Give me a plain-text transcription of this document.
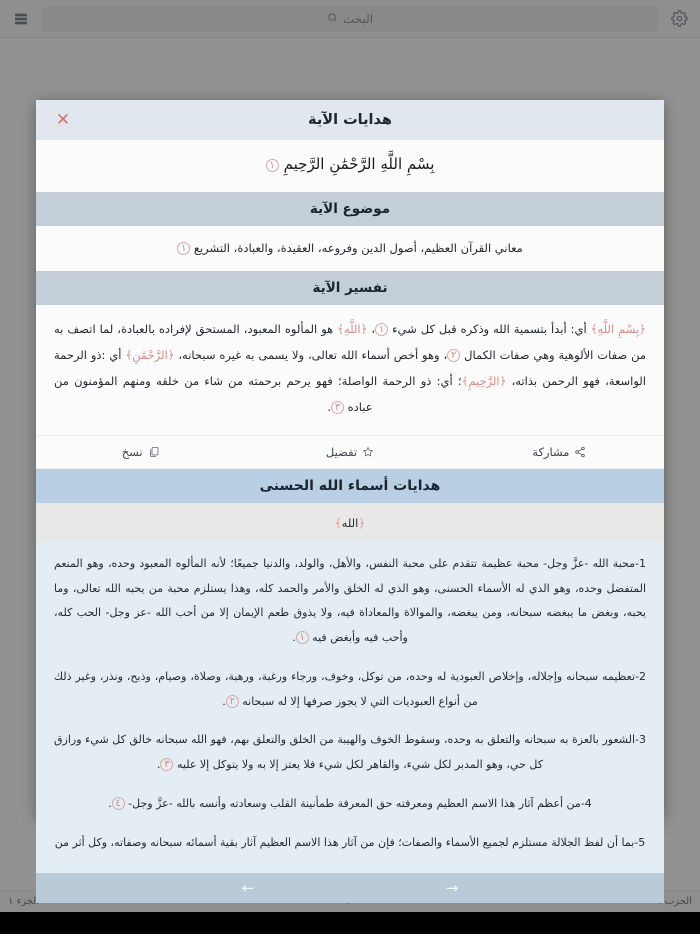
هدايات الآية
✕
بِسْمِ اللَّهِ الرَّحْمَٰنِ الرَّحِيمِ ١
موضوع الآية
معاني القرآن العظيم، أصول الدين وفروعه، العقيدة، والعبادة، التشريع ١
تفسير الآية
﴿بِسْمِ اللَّهِ﴾ أي: أبدأ بتسمية الله وذكره قبل كل شيء ١، ﴿اللَّهِ﴾ هو المألوه المعبود، المستحق لإفراده بالعبادة، لما اتصف به من صفات الألوهية وهي صفات الكمال ٢، وهو أخص أسماء الله تعالى، ولا يسمى به غيره سبحانه، ﴿الرَّحْمَٰنِ﴾ أي :ذو الرحمة الواسعة، فهو الرحمن بذاته، ﴿الرَّحِيمِ﴾؛ أي: ذو الرحمة الواصلة؛ فهو يرحم برحمته من شاء من خلقه ومنهم المؤمنون من عباده ٣.
مشاركة
تفضيل
نسخ
هدايات أسماء الله الحسنى
﴿الله﴾

1-محبة الله -عزَّ وجل- محبة عظيمة تتقدم على محبة النفس، والأهل، والولد، والدنيا جميعًا؛ لأنه المألوه المعبود وحده، وهو المنعم المتفضل وحده، وهو الذي له الأسماء الحسنى، وهو الذي له الخلق والأمر والحمد كله، وهذا يستلزم محبة من يحبه الله تعالى، وما يحبه، وبغض ما يبغضه سبحانه، ومن يبغضه، والموالاة والمعاداة فيه، ولا يذوق طعم الإيمان إلا من أحب الله -عز وجل- الحب كله، وأحب فيه وأبغض فيه ١.

2-تعظيمه سبحانه وإجلاله، وإخلاص العبودية له وحده، من توكل، وخوف، ورجاء ورغبة، ورهبة، وصلاة، وصيام، وذبح، ونذر، وغير ذلك من أنواع العبوديات التي لا يجوز صرفها إلا له سبحانه ٢.

3-الشعور بالعزة به سبحانه والتعلق به وحده، وسقوط الخوف والهيبة من الخلق والتعلق بهم، فهو الله سبحانه خالق كل شيء ورازق كل حي، وهو المدبر لكل شيء، والقاهر لكل شيء فلا يعتز إلا به ولا يتوكل إلا عليه ٣.

4-من أعظم آثار هذا الاسم العظيم ومعرفته حق المعرفة طمأنينة القلب وسعادته وأنسه بالله -عزَّ وجل- ٤.

5-بما أن لفظ الجلالة مستلزم لجميع الأسماء والصفات؛ فإن من آثار هذا الاسم العظيم آثار بقية أسمائه سبحانه وصفاته، وكل أثر من

→
←
